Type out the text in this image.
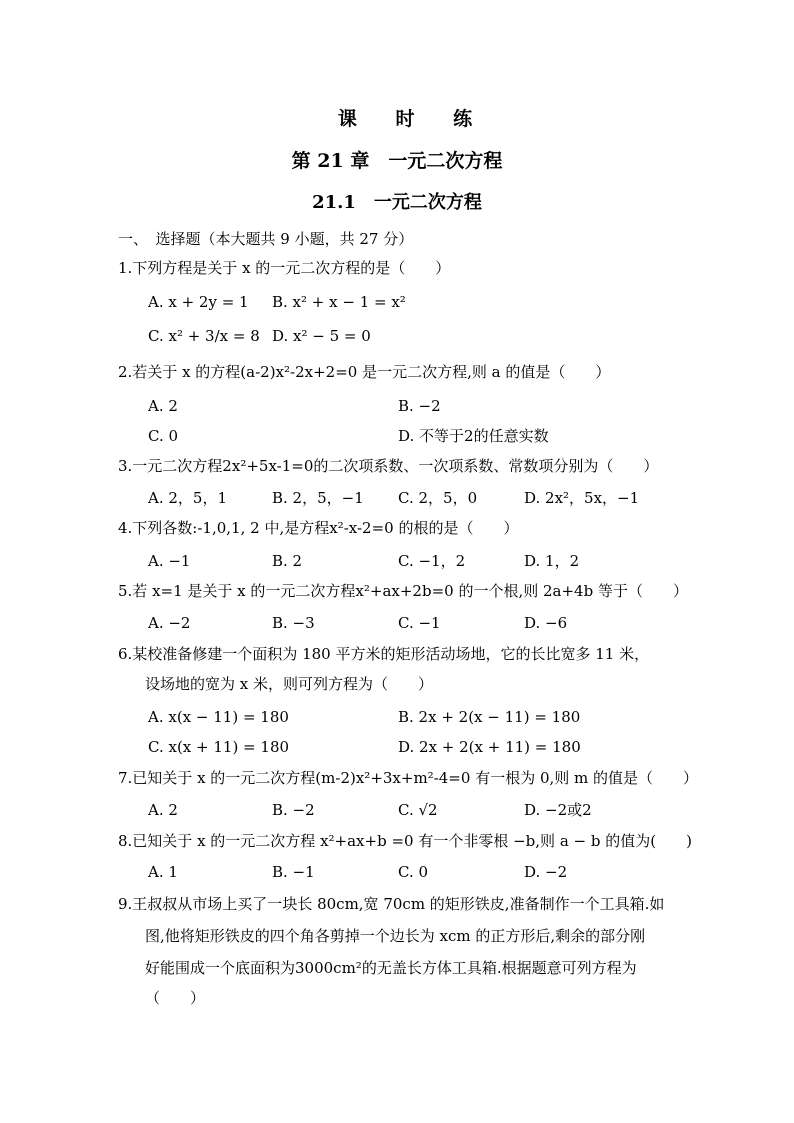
课 时 练
第 21 章　一元二次方程
21.1　一元二次方程
一、　选择题（本大题共 9 小题，共 27 分）
1.下列方程是关于 x 的一元二次方程的是（　　）
A. x + 2y = 1 B. x² + x − 1 = x²
C. x² + 3/x = 8 D. x² − 5 = 0
2.若关于 x 的方程(a-2)x²-2x+2=0 是一元二次方程,则 a 的值是（　　）
A. 2	B. −2
C. 0	D. 不等于2的任意实数
3.一元二次方程2x²+5x-1=0的二次项系数、一次项系数、常数项分别为（　　）
A. 2，5，1	B. 2，5，−1 C. 2，5，0	D. 2x²，5x，−1
4.下列各数:-1,0,1, 2 中,是方程x²-x-2=0 的根的是（　　）
A. −1	B. 2	C. −1，2	D. 1，2
5.若 x=1 是关于 x 的一元二次方程x²+ax+2b=0 的一个根,则 2a+4b 等于（　　）
A. −2	B. −3	C. −1	D. −6
6.某校准备修建一个面积为 180 平方米的矩形活动场地，它的长比宽多 11 米，
设场地的宽为 x 米，则可列方程为（　　）
A. x(x − 11) = 180	B. 2x + 2(x − 11) = 180
C. x(x + 11) = 180	D. 2x + 2(x + 11) = 180
7.已知关于 x 的一元二次方程(m-2)x²+3x+m²-4=0 有一根为 0,则 m 的值是（　　）
A. 2	B. −2	C. √2	D. −2或2
8.已知关于 x 的一元二次方程 x²+ax+b =0 有一个非零根 −b,则 a − b 的值为(　　)
A. 1	B. −1	C. 0	D. −2
9.王叔叔从市场上买了一块长 80cm,宽 70cm 的矩形铁皮,准备制作一个工具箱.如
图,他将矩形铁皮的四个角各剪掉一个边长为 xcm 的正方形后,剩余的部分刚
好能围成一个底面积为3000cm²的无盖长方体工具箱.根据题意可列方程为
（　　）
